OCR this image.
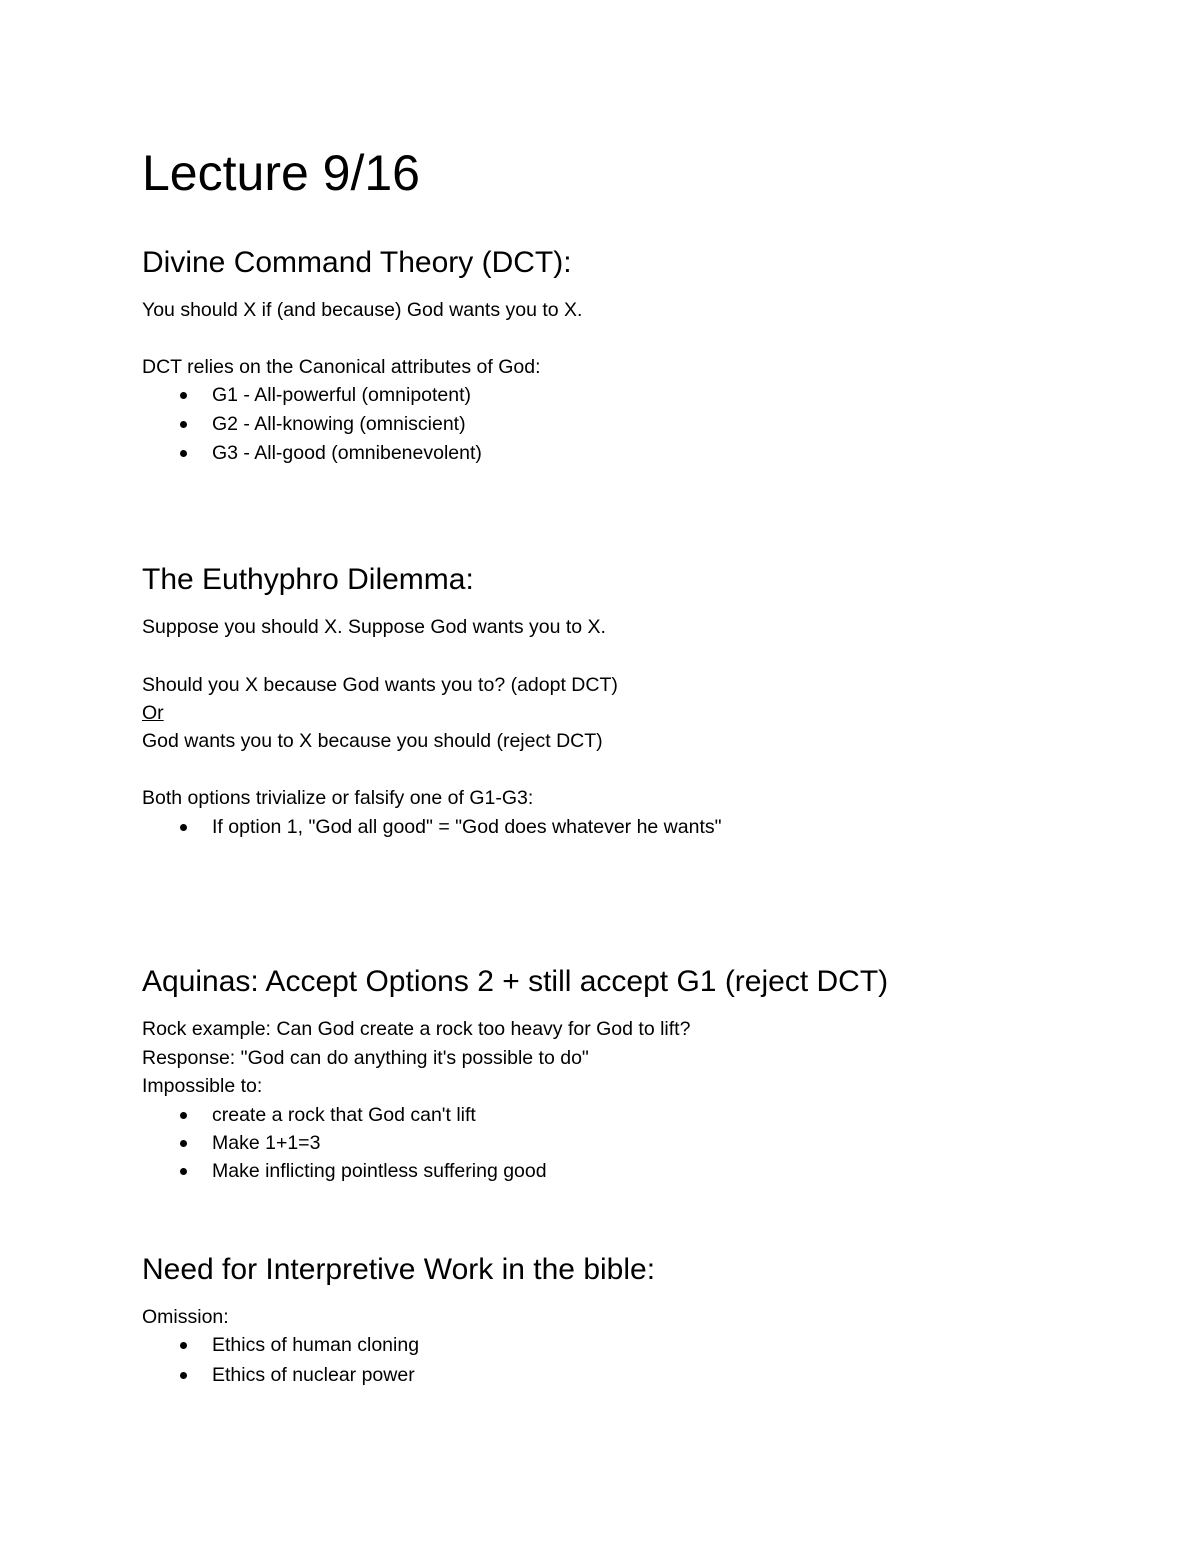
Lecture 9/16
Divine Command Theory (DCT):
You should X if (and because) God wants you to X.
DCT relies on the Canonical attributes of God:
G1 - All-powerful (omnipotent)
G2 - All-knowing (omniscient)
G3 - All-good (omnibenevolent)
The Euthyphro Dilemma:
Suppose you should X. Suppose God wants you to X.
Should you X because God wants you to? (adopt DCT)
Or
God wants you to X because you should (reject DCT)
Both options trivialize or falsify one of G1-G3:
If option 1, "God all good" = "God does whatever he wants"
Aquinas: Accept Options 2 + still accept G1 (reject DCT)
Rock example: Can God create a rock too heavy for God to lift?
Response: "God can do anything it's possible to do"
Impossible to:
create a rock that God can't lift
Make 1+1=3
Make inflicting pointless suffering good
Need for Interpretive Work in the bible:
Omission:
Ethics of human cloning
Ethics of nuclear power
